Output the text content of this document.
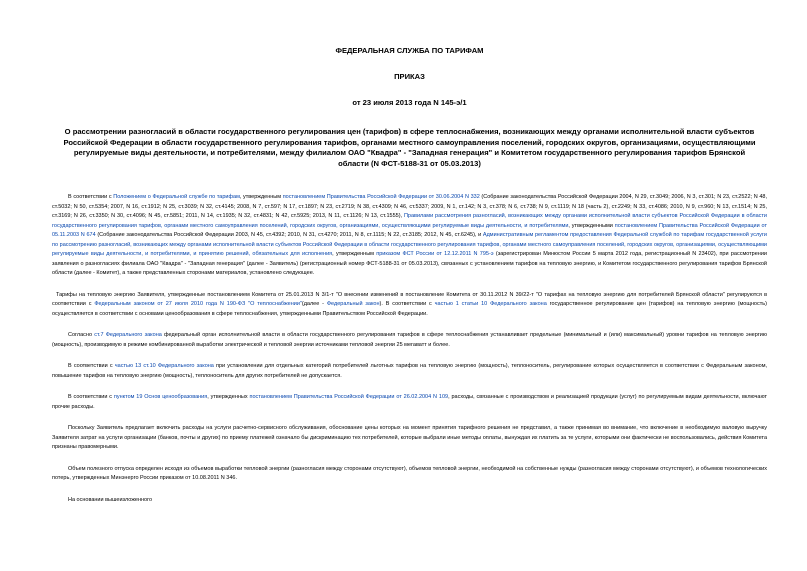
ФЕДЕРАЛЬНАЯ СЛУЖБА ПО ТАРИФАМ
ПРИКАЗ
от 23 июля 2013 года N 145-э/1
О рассмотрении разногласий в области государственного регулирования цен (тарифов) в сфере теплоснабжения, возникающих между органами исполнительной власти субъектов Российской Федерации в области государственного регулирования тарифов, органами местного самоуправления поселений, городских округов, организациями, осуществляющими регулируемые виды деятельности, и потребителями, между филиалом ОАО "Квадра" - "Западная генерация" и Комитетом государственного регулирования тарифов Брянской области (N ФСТ-5188-31 от 05.03.2013)

В соответствии с Положением о Федеральной службе по тарифам, утвержденным постановлением Правительства Российской Федерации от 30.06.2004 N 332 (Собрание законодательства Российской Федерации 2004, N 29, ст.3049; 2006, N 3, ст.301; N 23, ст.2522; N 48, ст.5032; N 50, ст.5354; 2007, N 16, ст.1912; N 25, ст.3039; N 32, ст.4145; 2008, N 7, ст.597; N 17, ст.1897; N 23, ст.2719; N 38, ст.4309; N 46, ст.5337; 2009, N 1, ст.142; N 3, ст.378; N 6, ст.738; N 9, ст.1119; N 18 (часть 2), ст.2249; N 33, ст.4086; 2010, N 9, ст.960; N 13, ст.1514; N 25, ст.3169; N 26, ст.3350; N 30, ст.4096; N 45, ст.5851; 2011, N 14, ст.1935; N 32, ст.4831; N 42, ст.5925; 2013, N 11, ст.1126; N 13, ст.1555), Правилами рассмотрения разногласий, возникающих между органами исполнительной власти субъектов Российской Федерации в области государственного регулирования тарифов, органами местного самоуправления поселений, городских округов, организациями, осуществляющими регулируемые виды деятельности, и потребителями, утвержденными постановлением Правительства Российской Федерации от 05.11.2003 N 674 (Собрание законодательства Российской Федерации 2003, N 45, ст.4392; 2010, N 31, ст.4270; 2011, N 8, ст.1115; N 22, ст.3185; 2012, N 45, ст.6245), и Административным регламентом предоставления Федеральной службой по тарифам государственной услуги по рассмотрению разногласий, возникающих между органами исполнительной власти субъектов Российской Федерации в области государственного регулирования тарифов, органами местного самоуправления поселений, городских округов, организациями, осуществляющими регулируемые виды деятельности, и потребителями, и принятию решений, обязательных для исполнения, утвержденным приказом ФСТ России от 12.12.2011 N 795-э (зарегистрирован Минюстом России 5 марта 2012 года, регистрационный N 23402), при рассмотрении заявления о разногласиях филиала ОАО "Квадра" - "Западная генерация" (далее - Заявитель) (регистрационный номер ФСТ-5188-31 от 05.03.2013), связанных с установлением тарифов на тепловую энергию, и Комитетом государственного регулирования тарифов Брянской области (далее - Комитет), а также представленных сторонами материалов, установлено следующее.

Тарифы на тепловую энергию Заявителя, утвержденные постановлением Комитета от 25.01.2013 N 3/1-т "О внесении изменений в постановление Комитета от 30.11.2012 N 39/22-т "О тарифах на тепловую энергию для потребителей Брянской области" регулируются в соответствии с Федеральным законом от 27 июля 2010 года N 190-ФЗ "О теплоснабжении"(далее - Федеральный закон). В соответствии с частью 1 статьи 10 Федерального закона государственное регулирование цен (тарифов) на тепловую энергию (мощность) осуществляется в соответствии с основами ценообразования в сфере теплоснабжения, утвержденными Правительством Российской Федерации.

Согласно ст.7 Федерального закона федеральный орган исполнительной власти в области государственного регулирования тарифов в сфере теплоснабжения устанавливает предельные (минимальный и (или) максимальный) уровни тарифов на тепловую энергию (мощность), производимую в режиме комбинированной выработки электрической и тепловой энергии источниками тепловой энергии 25 мегаватт и более.

В соответствии с частью 13 ст.10 Федерального закона при установлении для отдельных категорий потребителей льготных тарифов на тепловую энергию (мощность), теплоноситель, регулирование которых осуществляется в соответствии с Федеральным законом, повышение тарифов на тепловую энергию (мощность), теплоноситель для других потребителей не допускается.

В соответствии с пунктом 19 Основ ценообразования, утвержденных постановлением Правительства Российской Федерации от 26.02.2004 N 109, расходы, связанные с производством и реализацией продукции (услуг) по регулируемым видам деятельности, включают прочие расходы.

Поскольку Заявитель предлагает включить расходы на услуги расчетно-сервисного обслуживания, обоснование цены которых на момент принятия тарифного решения не представил, а также принимая во внимание, что включение в необходимую валовую выручку Заявителя затрат на услуги организации (банков, почты и других) по приему платежей означало бы дискриминацию тех потребителей, которые выбрали иные методы оплаты, вынуждая их платить за те услуги, которыми они фактически не воспользовались, действия Комитета признаны правомерными.

Объем полезного отпуска определен исходя из объемов выработки тепловой энергии (разногласия между сторонами отсутствуют), объемов тепловой энергии, необходимой на собственные нужды (разногласия между сторонами отсутствуют), и объемов технологических потерь, утвержденных Минэнерго России приказом от 10.08.2011 N 346.

На основании вышеизложенного
